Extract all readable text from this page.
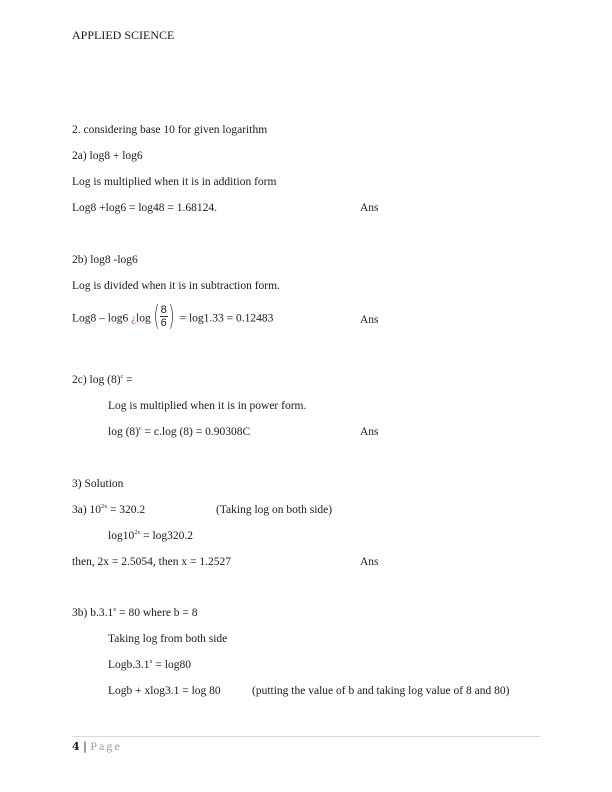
APPLIED SCIENCE
2. considering base 10 for given logarithm
2a) log8 + log6
Log is multiplied when it is in addition form
Log8 +log6 = log48 = 1.68124.	Ans
2b) log8 -log6
Log is divided when it is in subtraction form.
Log8 – log6 ¿log ( $\frac{8}{6}$ ) = log1.33 = 0.12483	Ans
2c) $\log (8)^c$ =
Log is multiplied when it is in power form.
$\log (8)^c = c.\log$ (8) = 0.90308C	Ans
3) Solution
3a) $10^{2x} = 320.2$	(Taking log on both side)
$\log 10^{2x} = \log 320.2$
then, 2x = 2.5054, then x = 1.2527	Ans
3b) $b.3.1^x = 80$ where b = 8
Taking log from both side
$Logb.3.1^x = \log 80$
Logb + xlog3.1 = log 80	(putting the value of b and taking log value of 8 and 80)
4 | Page
